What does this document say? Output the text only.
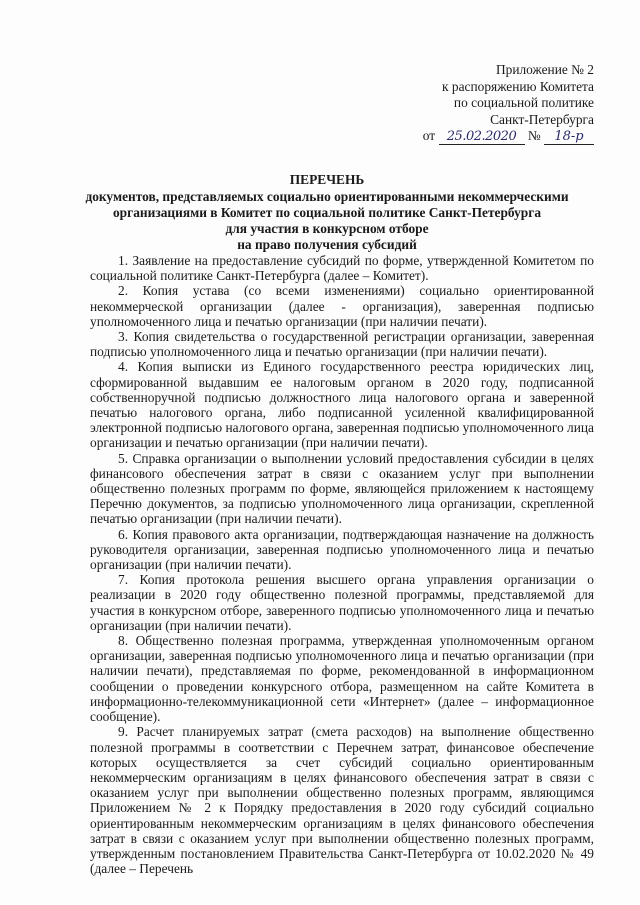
Приложение № 2
к распоряжению Комитета
по социальной политике
Санкт-Петербурга
от 25.02.2020 № 18-р
ПЕРЕЧЕНЬ
документов, представляемых социально ориентированными некоммерческими
организациями в Комитет по социальной политике Санкт-Петербурга
для участия в конкурсном отборе
на право получения субсидий

1. Заявление на предоставление субсидий по форме, утвержденной Комитетом по социальной политике Санкт-Петербурга (далее – Комитет).

2. Копия устава (со всеми изменениями) социально ориентированной некоммерческой организации (далее - организация), заверенная подписью уполномоченного лица и печатью организации (при наличии печати).

3. Копия свидетельства о государственной регистрации организации, заверенная подписью уполномоченного лица и печатью организации (при наличии печати).

4. Копия выписки из Единого государственного реестра юридических лиц, сформированной выдавшим ее налоговым органом в 2020 году, подписанной собственноручной подписью должностного лица налогового органа и заверенной печатью налогового органа, либо подписанной усиленной квалифицированной электронной подписью налогового органа, заверенная подписью уполномоченного лица организации и печатью организации (при наличии печати).

5. Справка организации о выполнении условий предоставления субсидии в целях финансового обеспечения затрат в связи с оказанием услуг при выполнении общественно полезных программ по форме, являющейся приложением к настоящему Перечню документов, за подписью уполномоченного лица организации, скрепленной печатью организации (при наличии печати).

6. Копия правового акта организации, подтверждающая назначение на должность руководителя организации, заверенная подписью уполномоченного лица и печатью организации (при наличии печати).

7. Копия протокола решения высшего органа управления организации о реализации в 2020 году общественно полезной программы, представляемой для участия в конкурсном отборе, заверенного подписью уполномоченного лица и печатью организации (при наличии печати).

8. Общественно полезная программа, утвержденная уполномоченным органом организации, заверенная подписью уполномоченного лица и печатью организации (при наличии печати), представляемая по форме, рекомендованной в информационном сообщении о проведении конкурсного отбора, размещенном на сайте Комитета в информационно-телекоммуникационной сети «Интернет» (далее – информационное сообщение).

9. Расчет планируемых затрат (смета расходов) на выполнение общественно полезной программы в соответствии с Перечнем затрат, финансовое обеспечение которых осуществляется за счет субсидий социально ориентированным некоммерческим организациям в целях финансового обеспечения затрат в связи с оказанием услуг при выполнении общественно полезных программ, являющимся Приложением № 2 к Порядку предоставления в 2020 году субсидий социально ориентированным некоммерческим организациям в целях финансового обеспечения затрат в связи с оказанием услуг при выполнении общественно полезных программ, утвержденным постановлением Правительства Санкт-Петербурга от 10.02.2020 № 49 (далее – Перечень
